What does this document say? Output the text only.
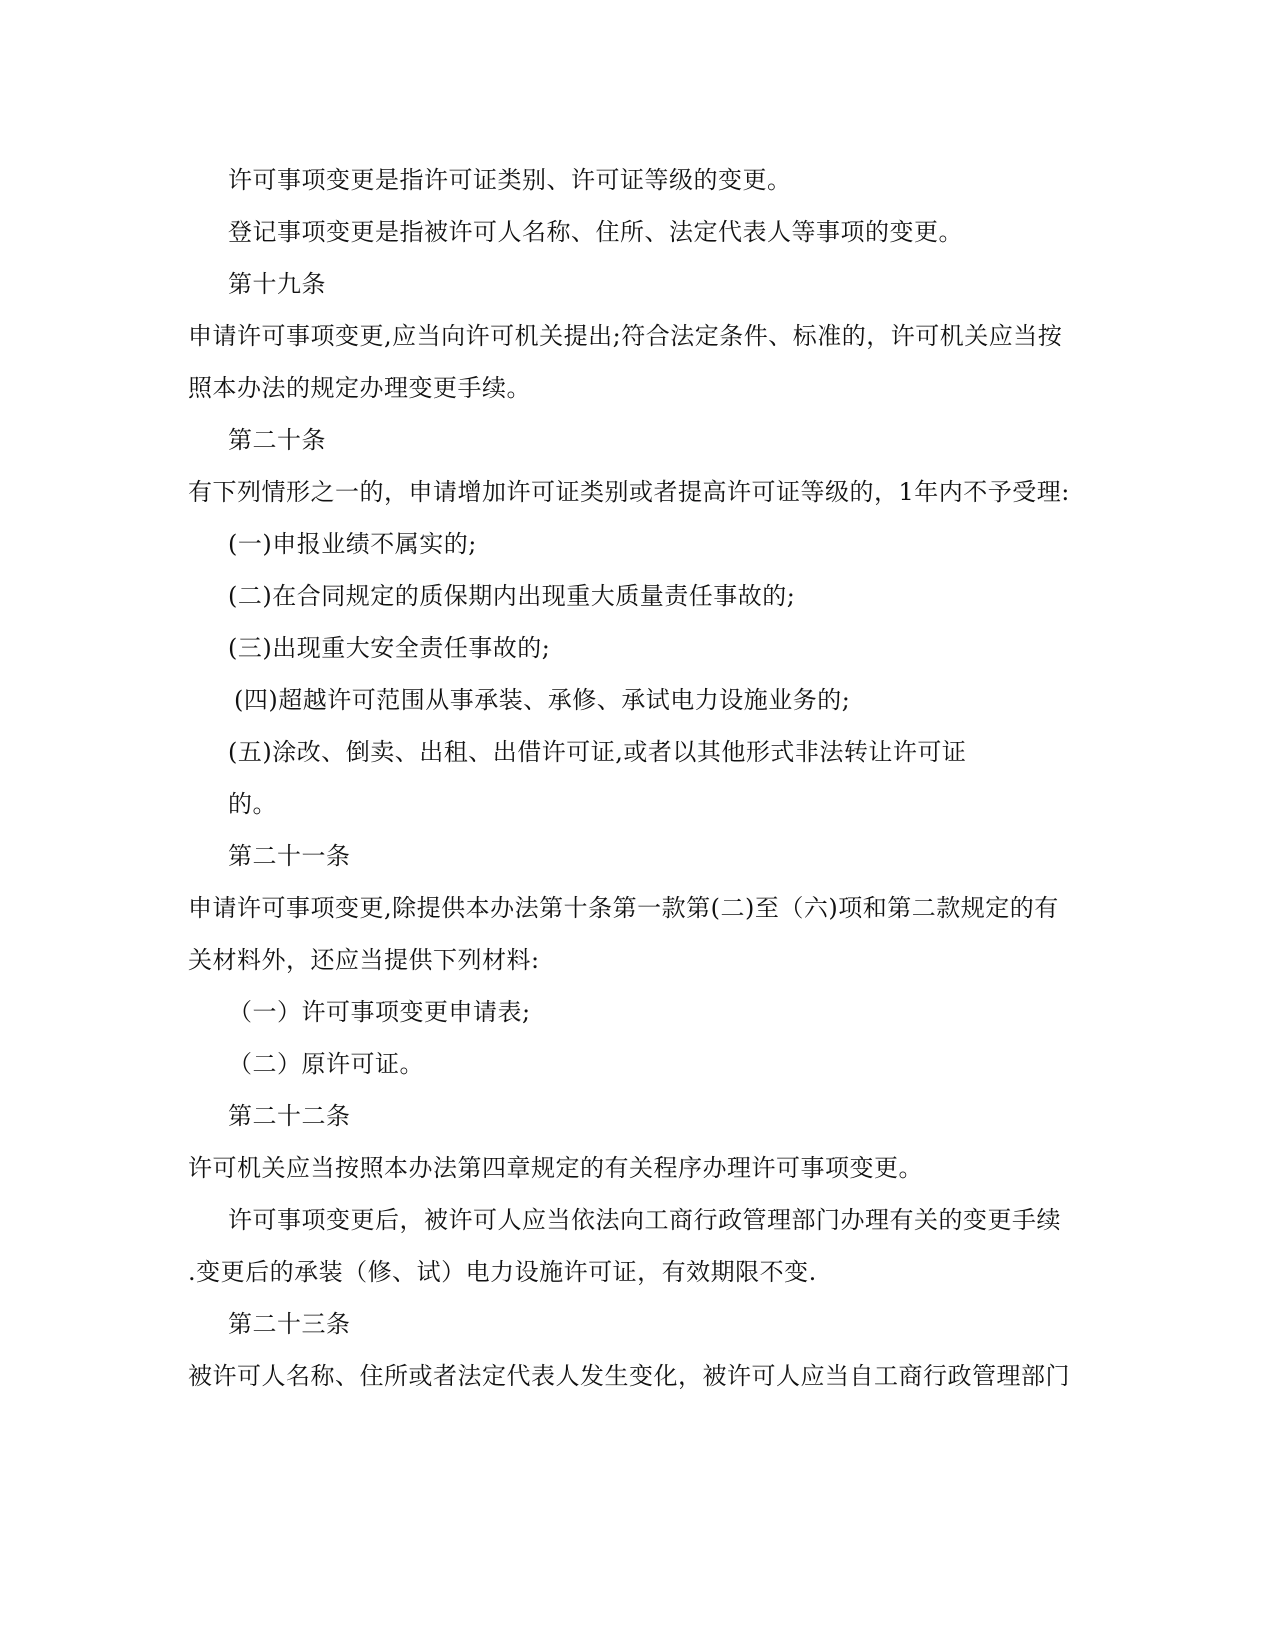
许可事项变更是指许可证类别、许可证等级的变更。
登记事项变更是指被许可人名称、住所、法定代表人等事项的变更。
第十九条
申请许可事项变更,应当向许可机关提出;符合法定条件、标准的，许可机关应当按
照本办法的规定办理变更手续。
第二十条
有下列情形之一的，申请增加许可证类别或者提高许可证等级的，1年内不予受理:
(一)申报业绩不属实的;
(二)在合同规定的质保期内出现重大质量责任事故的;
(三)出现重大安全责任事故的;
(四)超越许可范围从事承装、承修、承试电力设施业务的;
(五)涂改、倒卖、出租、出借许可证,或者以其他形式非法转让许可证
的。
第二十一条
申请许可事项变更,除提供本办法第十条第一款第(二)至（六)项和第二款规定的有
关材料外，还应当提供下列材料:
（一）许可事项变更申请表;
（二）原许可证。
第二十二条
许可机关应当按照本办法第四章规定的有关程序办理许可事项变更。
许可事项变更后，被许可人应当依法向工商行政管理部门办理有关的变更手续
.变更后的承装（修、试）电力设施许可证，有效期限不变.
第二十三条
被许可人名称、住所或者法定代表人发生变化，被许可人应当自工商行政管理部门
